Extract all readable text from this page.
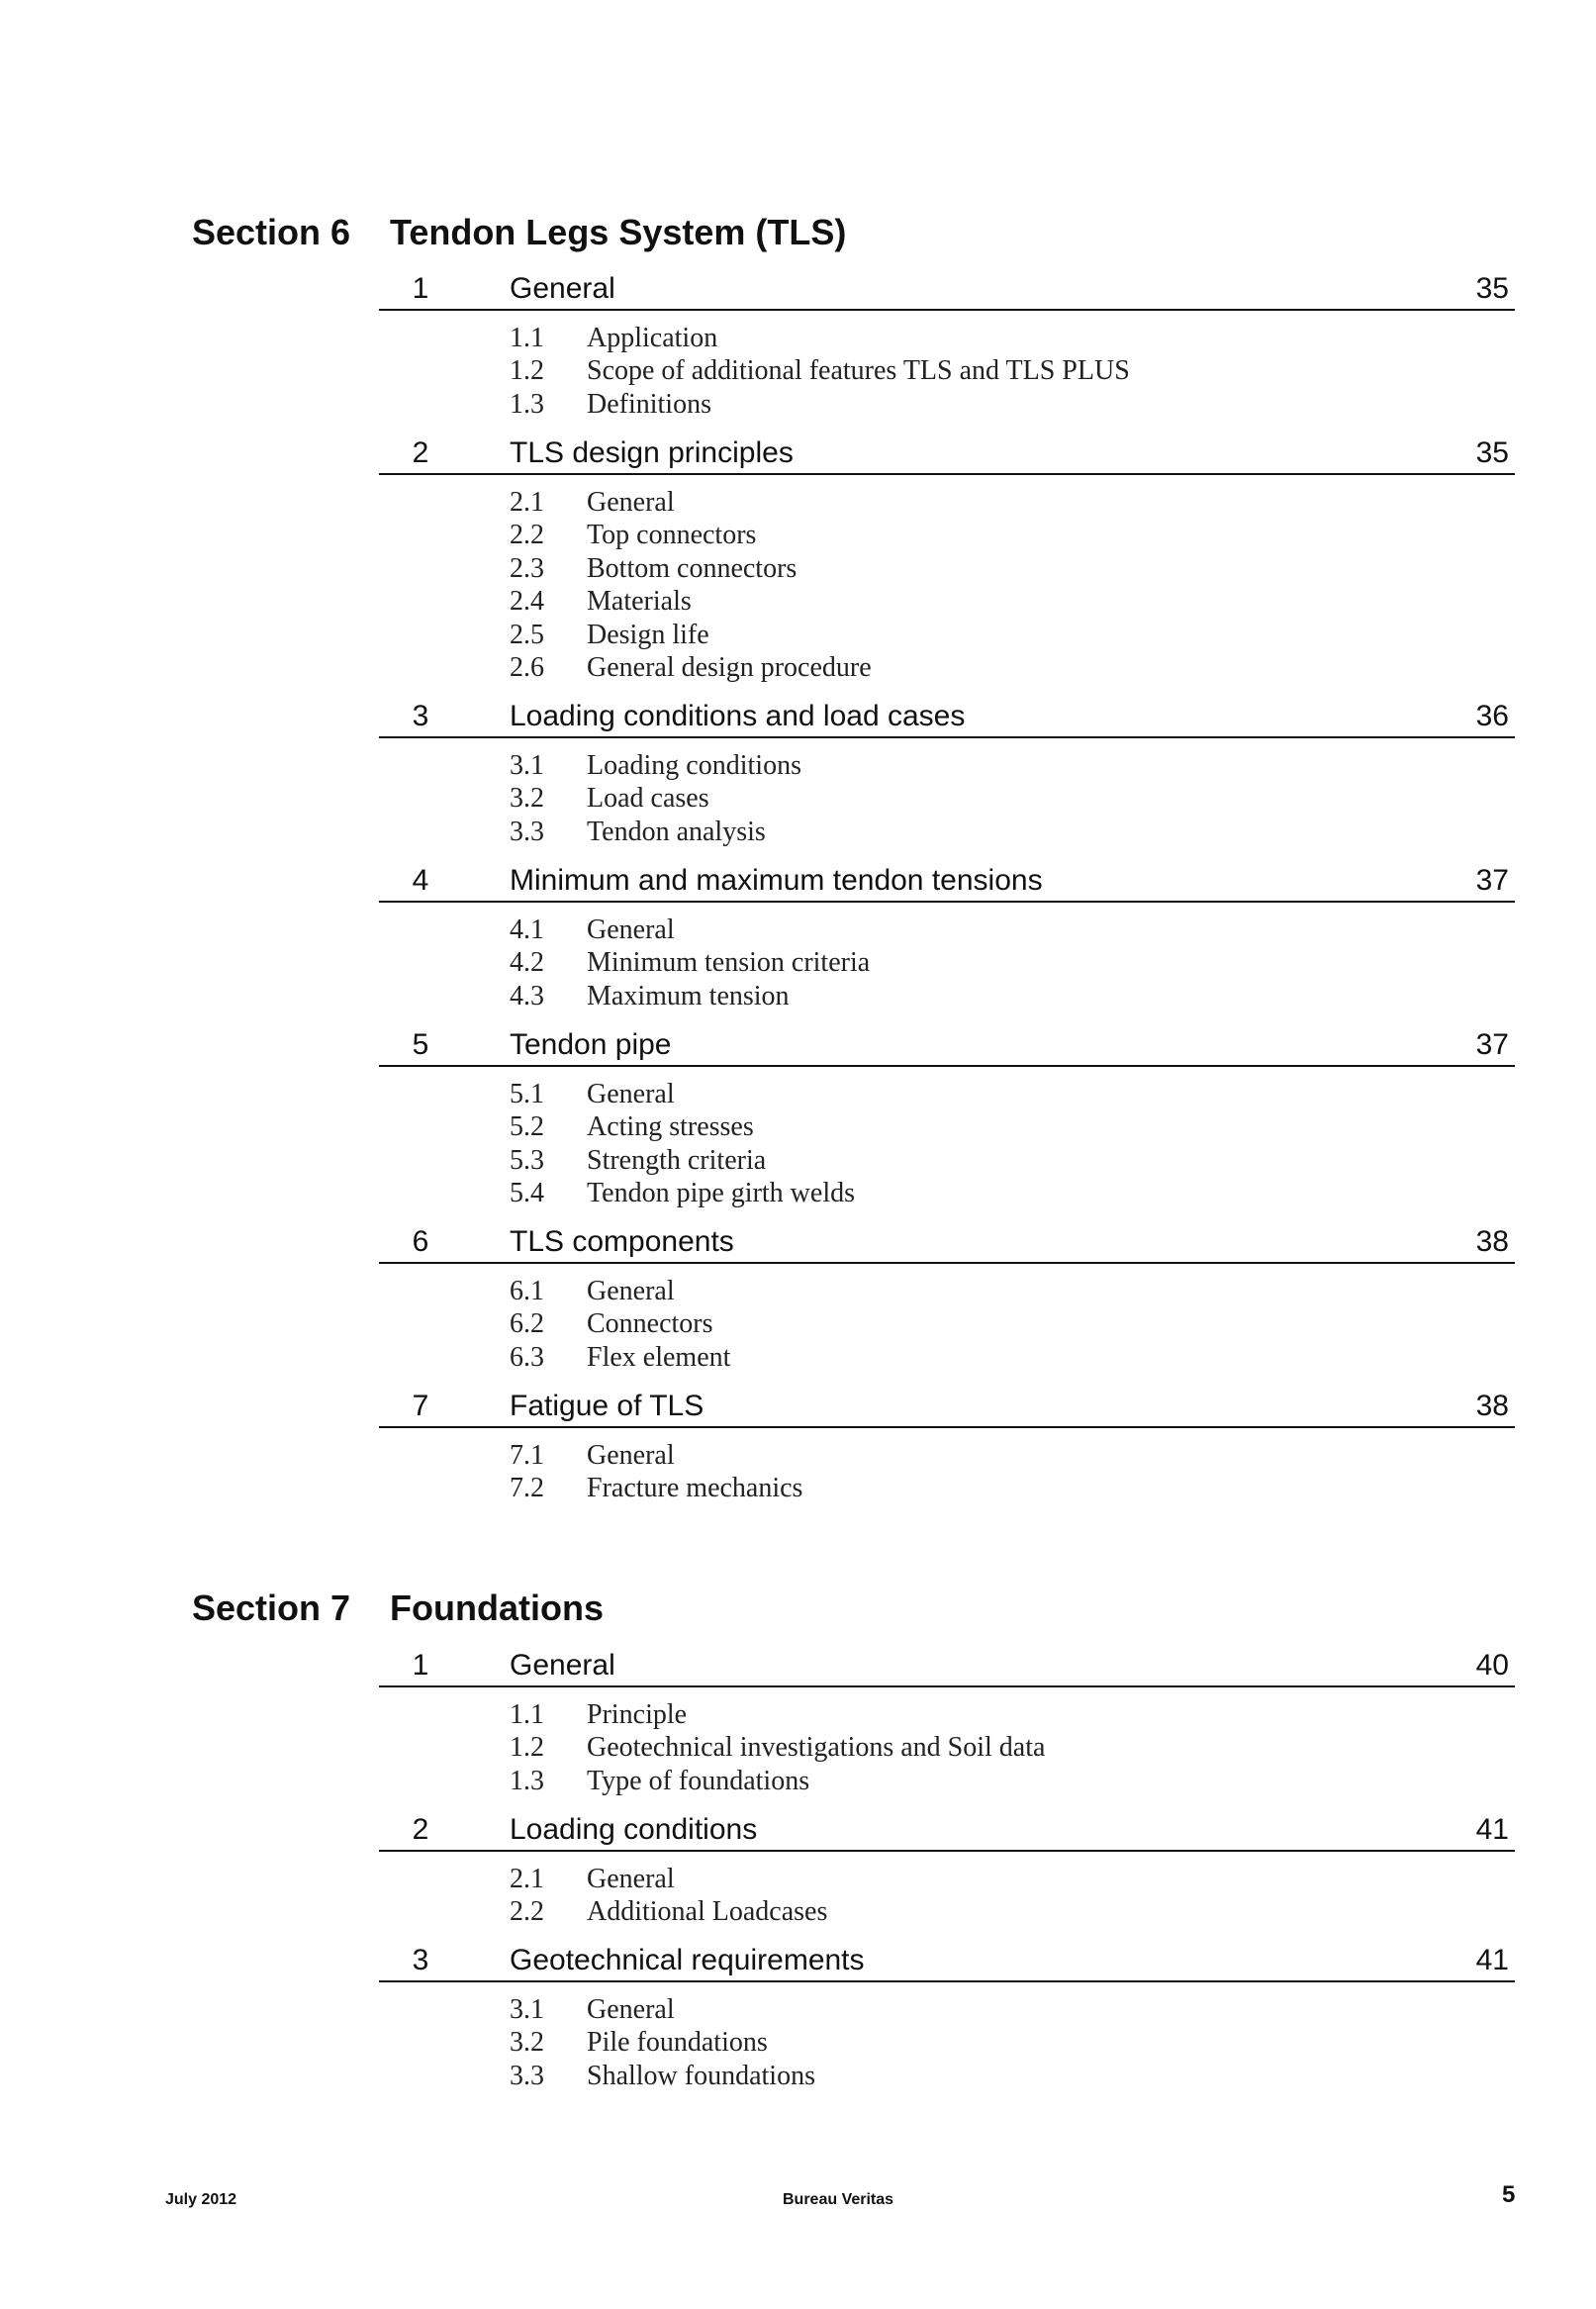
Section 6 Tendon Legs System (TLS)
1	General	35
1.1 Application
1.2 Scope of additional features TLS and TLS PLUS
1.3 Definitions
2	TLS design principles	35
2.1 General
2.2 Top connectors
2.3 Bottom connectors
2.4 Materials
2.5 Design life
2.6 General design procedure
3	Loading conditions and load cases	36
3.1 Loading conditions
3.2 Load cases
3.3 Tendon analysis
4	Minimum and maximum tendon tensions	37
4.1 General
4.2 Minimum tension criteria
4.3 Maximum tension
5	Tendon pipe	37
5.1 General
5.2 Acting stresses
5.3 Strength criteria
5.4 Tendon pipe girth welds
6	TLS components	38
6.1 General
6.2 Connectors
6.3 Flex element
7	Fatigue of TLS	38
7.1 General
7.2 Fracture mechanics
Section 7 Foundations
1	General	40
1.1 Principle
1.2 Geotechnical investigations and Soil data
1.3 Type of foundations
2	Loading conditions	41
2.1 General
2.2 Additional Loadcases
3	Geotechnical requirements	41
3.1 General
3.2 Pile foundations
3.3 Shallow foundations
July 2012	Bureau Veritas	5
